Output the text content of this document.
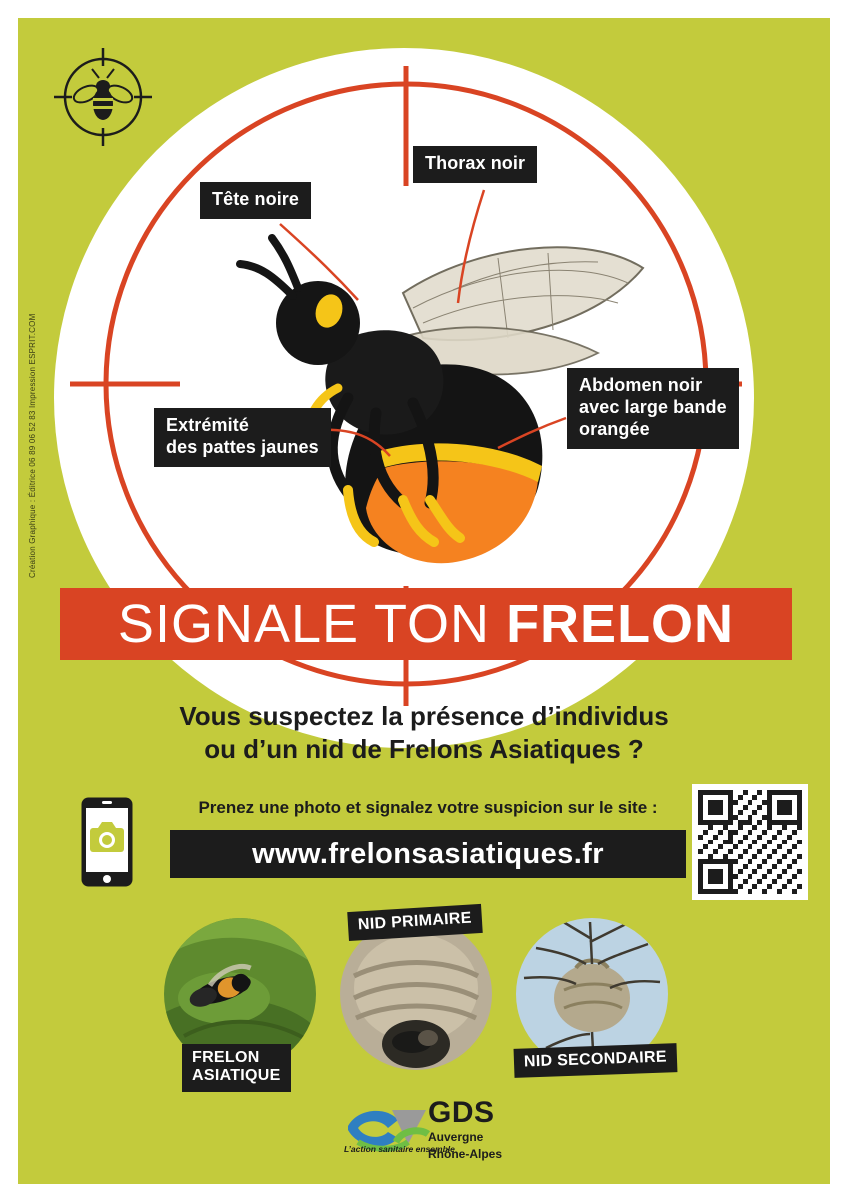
Création Graphique : Éditrice 06 89 06 52 83 Impression ESPRIT.COM
Tête noire
Thorax noir
Extrémité
des pattes jaunes
Abdomen noir
avec large bande
orangée
SIGNALE TON FRELON
Vous suspectez la présence d’individus
ou d’un nid de Frelons Asiatiques ?
Prenez une photo et signalez votre suspicion sur le site :
www.frelonsasiatiques.fr
FRELON
ASIATIQUE
NID PRIMAIRE
NID SECONDAIRE
GDS
Auvergne
Rhône-Alpes
L’action sanitaire ensemble
